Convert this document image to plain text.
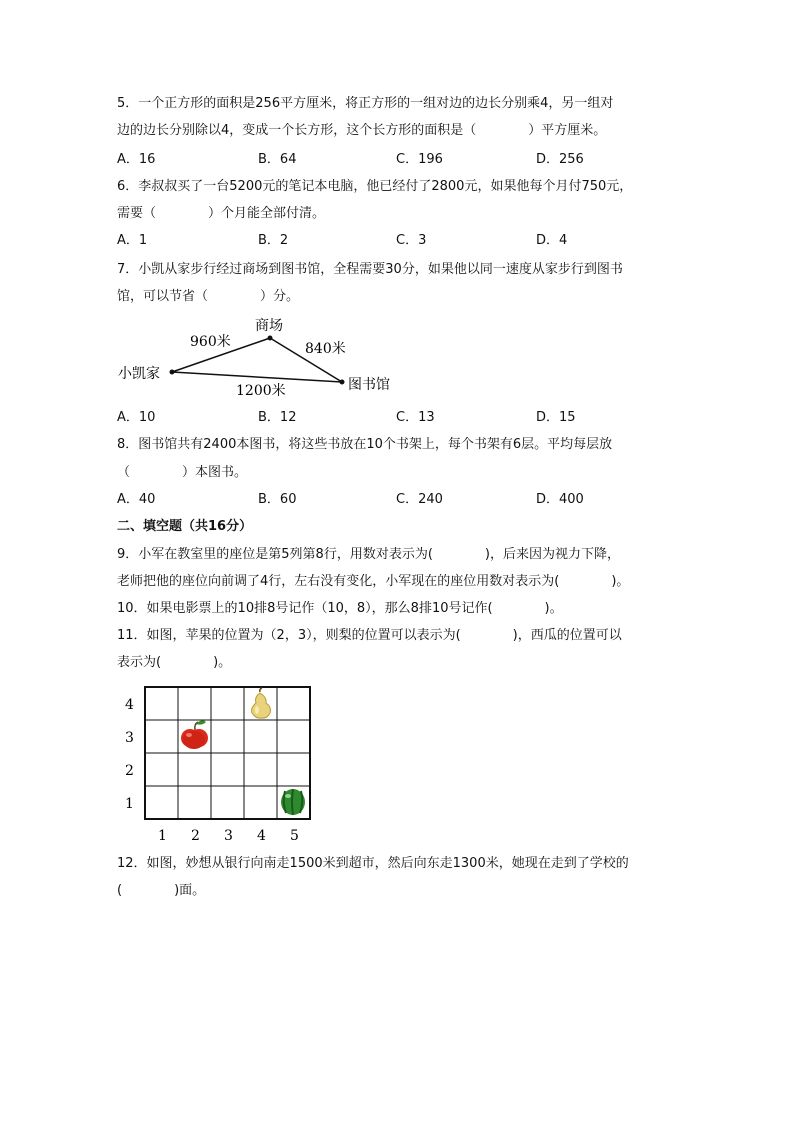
5．一个正方形的面积是256平方厘米，将正方形的一组对边的边长分别乘4，另一组对
边的边长分别除以4，变成一个长方形，这个长方形的面积是（　　　　）平方厘米。
A．16	B．64	C．196	D．256
6．李叔叔买了一台5200元的笔记本电脑，他已经付了2800元，如果他每个月付750元，
需要（　　　　）个月能全部付清。
A．1	B．2	C．3	D．4
7．小凯从家步行经过商场到图书馆，全程需要30分，如果他以同一速度从家步行到图书
馆，可以节省（　　　　）分。
小凯家
商场
图书馆
960米	840米
1200米
A．10	B．12	C．13	D．15
8．图书馆共有2400本图书，将这些书放在10个书架上，每个书架有6层。平均每层放
（　　　　）本图书。
A．40	B．60	C．240	D．400
二、填空题（共16分）
9．小军在教室里的座位是第5列第8行，用数对表示为(　　　　)，后来因为视力下降，
老师把他的座位向前调了4行，左右没有变化，小军现在的座位用数对表示为(　　　　)。
10．如果电影票上的10排8号记作（10，8），那么8排10号记作(　　　　)。
11．如图，苹果的位置为（2，3），则梨的位置可以表示为(　　　　)，西瓜的位置可以
表示为(　　　　)。
4
3
2
1
1 2 3 4 5
12．如图，妙想从银行向南走1500米到超市，然后向东走1300米，她现在走到了学校的
(　　　　)面。
